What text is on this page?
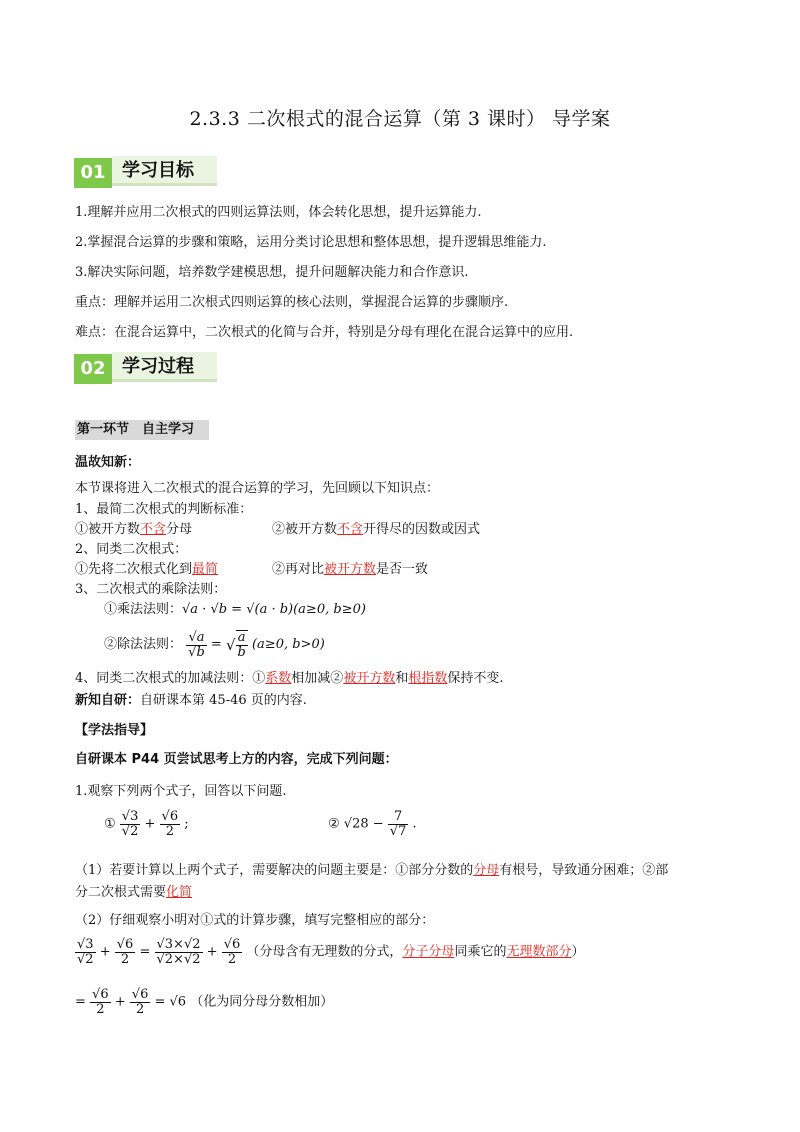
2.3.3 二次根式的混合运算（第 3 课时） 导学案
01 学习目标
1.理解并应用二次根式的四则运算法则，体会转化思想，提升运算能力.
2.掌握混合运算的步骤和策略，运用分类讨论思想和整体思想，提升逻辑思维能力.
3.解决实际问题，培养数学建模思想，提升问题解决能力和合作意识.
重点：理解并运用二次根式四则运算的核心法则，掌握混合运算的步骤顺序.
难点：在混合运算中，二次根式的化简与合并，特别是分母有理化在混合运算中的应用.
02 学习过程
第一环节　自主学习
温故知新：
本节课将进入二次根式的混合运算的学习，先回顾以下知识点：
1、最简二次根式的判断标准：
①被开方数不含分母	②被开方数不含开得尽的因数或因式
2、同类二次根式：
①先将二次根式化到最简	②再对比被开方数是否一致
3、二次根式的乘除法则：
①乘法法则：√a · √b = √(a · b)(a≥0, b≥0)
②除法法则： $\frac{√a}{√b}$ = √ $\frac{a}{b} (a\ge 0$, b>0)
4、同类二次根式的加减法则：①系数相加减②被开方数和根指数保持不变.
新知自研：自研课本第 45-46 页的内容.
【学法指导】
自研课本 P44 页尝试思考上方的内容，完成下列问题：
1.观察下列两个式子，回答以下问题.
① $\frac{√3}{√2} + \frac{√6}{2}$ ;	② $√28 - \frac{7}{√7}$ .
（1）若要计算以上两个式子，需要解决的问题主要是：①部分分数的分母有根号，导致通分困难；②部
分二次根式需要化简
（2）仔细观察小明对①式的计算步骤，填写完整相应的部分：
$\frac{√3}{√2} + \frac{√6}{2} = \frac{√3\times√2}{√2\times√2} + \frac{√6}{2}$ （分母含有无理数的分式，分子分母同乘它的无理数部分）
= $\frac{√6}{2} + \frac{√6}{2} = √6$ （化为同分母分数相加）
